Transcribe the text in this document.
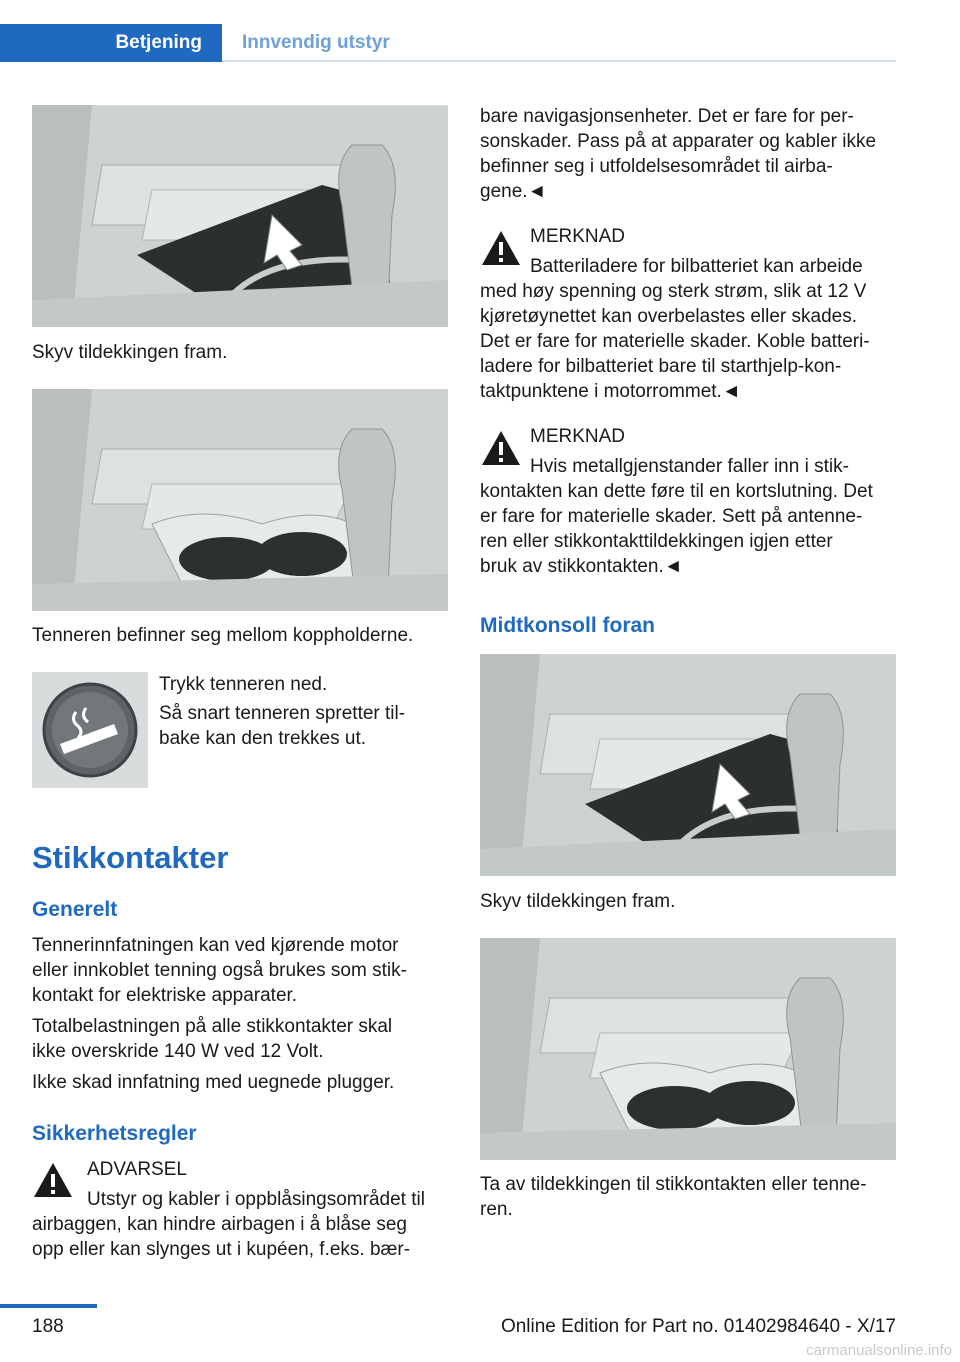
Betjening Innvendig utstyr

Skyv tildekkingen fram.

Tenneren befinner seg mellom koppholderne.

Trykk tenneren ned.

Så snart tenneren spretter til-

bake kan den trekkes ut.

Stikkontakter
Generelt

Tennerinnfatningen kan ved kjørende motor

eller innkoblet tenning også brukes som stik-

kontakt for elektriske apparater.

Totalbelastningen på alle stikkontakter skal

ikke overskride 140 W ved 12 Volt.

Ikke skad innfatning med uegnede plugger.

Sikkerhetsregler

ADVARSEL

Utstyr og kabler i oppblåsingsområdet til

airbaggen, kan hindre airbagen i å blåse seg

opp eller kan slynges ut i kupéen, f.eks. bær-

bare navigasjonsenheter. Det er fare for per-

sonskader. Pass på at apparater og kabler ikke

befinner seg i utfoldelsesområdet til airba-

gene.◄

MERKNAD

Batteriladere for bilbatteriet kan arbeide

med høy spenning og sterk strøm, slik at 12 V

kjøretøynettet kan overbelastes eller skades.

Det er fare for materielle skader. Koble batteri-

ladere for bilbatteriet bare til starthjelp-kon-

taktpunktene i motorrommet.◄

MERKNAD

Hvis metallgjenstander faller inn i stik-

kontakten kan dette føre til en kortslutning. Det

er fare for materielle skader. Sett på antenne-

ren eller stikkontakttildekkingen igjen etter

bruk av stikkontakten.◄

Midtkonsoll foran

Skyv tildekkingen fram.

Ta av tildekkingen til stikkontakten eller tenne-

ren.

188	Online Edition for Part no. 01402984640 - X/17
carmanualsonline.info
